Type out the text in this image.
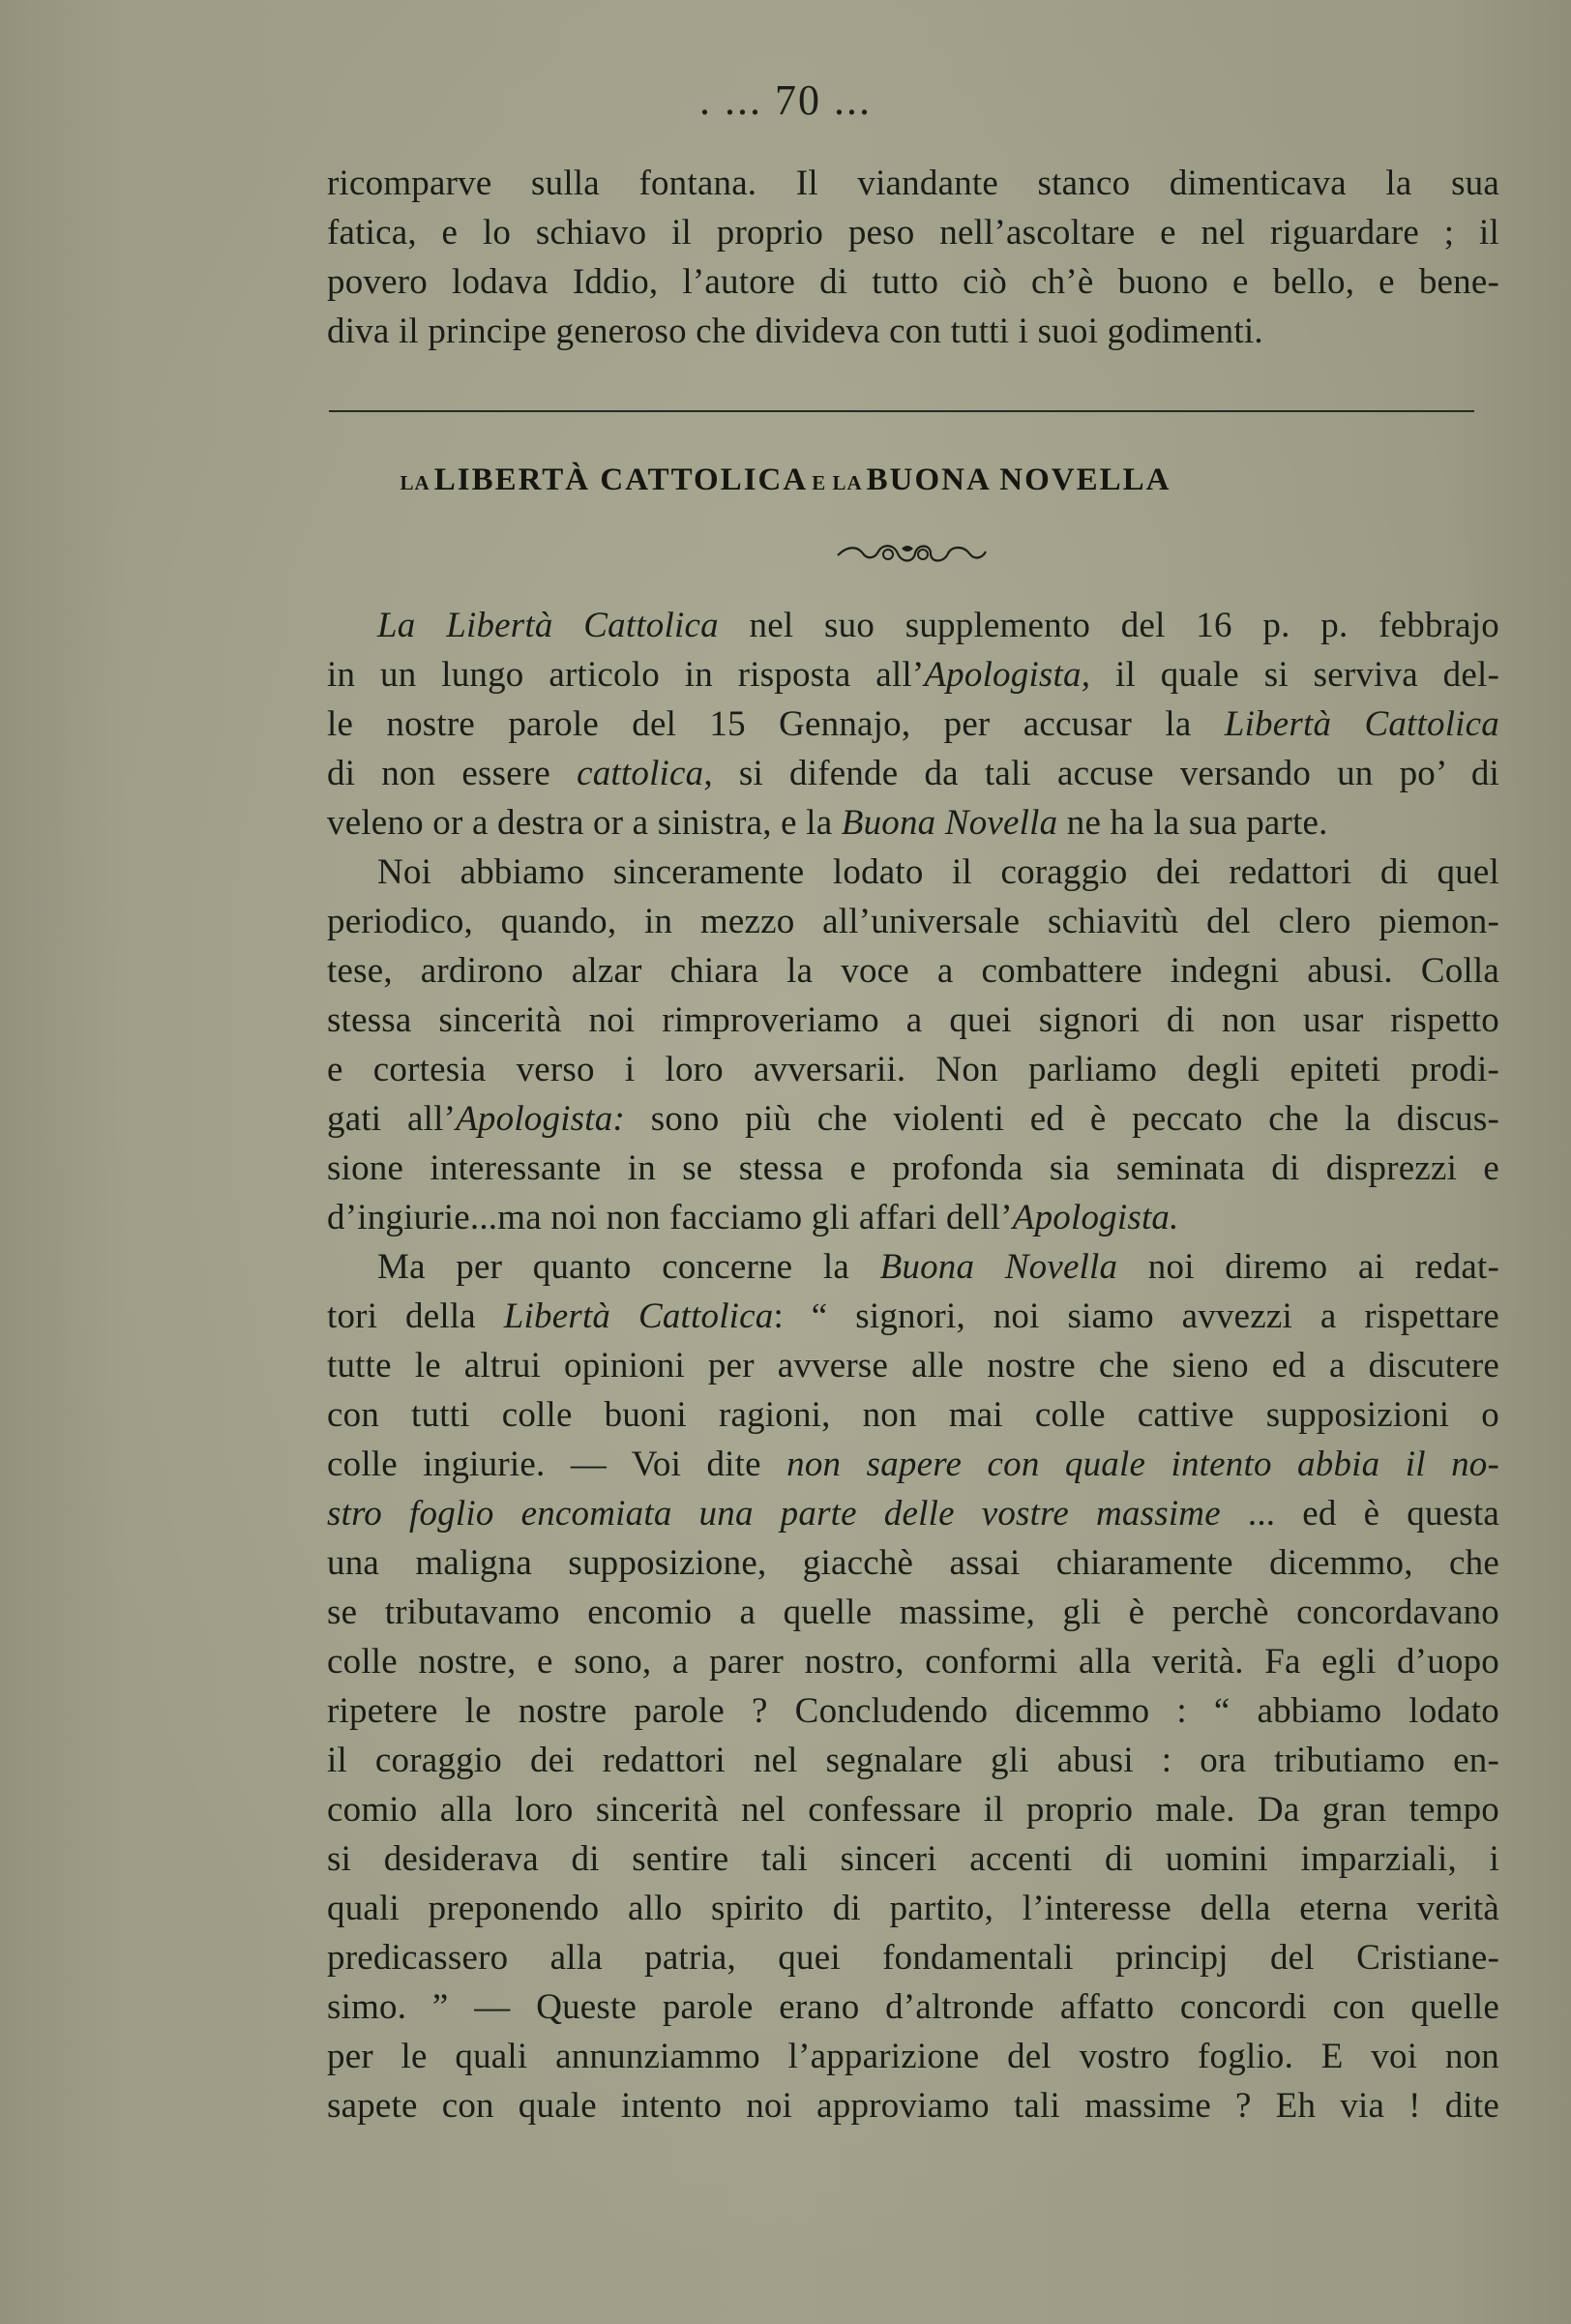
. ... 70 ...
ricomparve sulla fontana. Il viandante stanco dimenticava la sua
fatica, e lo schiavo il proprio peso nell’ascoltare e nel riguardare ; il
povero lodava Iddio, l’autore di tutto ciò ch’è buono e bello, e bene-
diva il principe generoso che divideva con tutti i suoi godimenti.
LA LIBERTÀ CATTOLICA E LA BUONA NOVELLA
La Libertà Cattolica nel suo supplemento del 16 p. p. febbrajo
in un lungo articolo in risposta all’Apologista, il quale si serviva del-
le nostre parole del 15 Gennajo, per accusar la Libertà Cattolica
di non essere cattolica, si difende da tali accuse versando un po’ di
veleno or a destra or a sinistra, e la Buona Novella ne ha la sua parte.
Noi abbiamo sinceramente lodato il coraggio dei redattori di quel
periodico, quando, in mezzo all’universale schiavitù del clero piemon-
tese, ardirono alzar chiara la voce a combattere indegni abusi. Colla
stessa sincerità noi rimproveriamo a quei signori di non usar rispetto
e cortesia verso i loro avversarii. Non parliamo degli epiteti prodi-
gati all’Apologista: sono più che violenti ed è peccato che la discus-
sione interessante in se stessa e profonda sia seminata di disprezzi e
d’ingiurie...ma noi non facciamo gli affari dell’Apologista.
Ma per quanto concerne la Buona Novella noi diremo ai redat-
tori della Libertà Cattolica: “ signori, noi siamo avvezzi a rispettare
tutte le altrui opinioni per avverse alle nostre che sieno ed a discutere
con tutti colle buoni ragioni, non mai colle cattive supposizioni o
colle ingiurie. — Voi dite non sapere con quale intento abbia il no-
stro foglio encomiata una parte delle vostre massime ... ed è questa
una maligna supposizione, giacchè assai chiaramente dicemmo, che
se tributavamo encomio a quelle massime, gli è perchè concordavano
colle nostre, e sono, a parer nostro, conformi alla verità. Fa egli d’uopo
ripetere le nostre parole ? Concludendo dicemmo : “ abbiamo lodato
il coraggio dei redattori nel segnalare gli abusi : ora tributiamo en-
comio alla loro sincerità nel confessare il proprio male. Da gran tempo
si desiderava di sentire tali sinceri accenti di uomini imparziali, i
quali preponendo allo spirito di partito, l’interesse della eterna verità
predicassero alla patria, quei fondamentali principj del Cristiane-
simo. ” — Queste parole erano d’altronde affatto concordi con quelle
per le quali annunziammo l’apparizione del vostro foglio. E voi non
sapete con quale intento noi approviamo tali massime ? Eh via ! dite
